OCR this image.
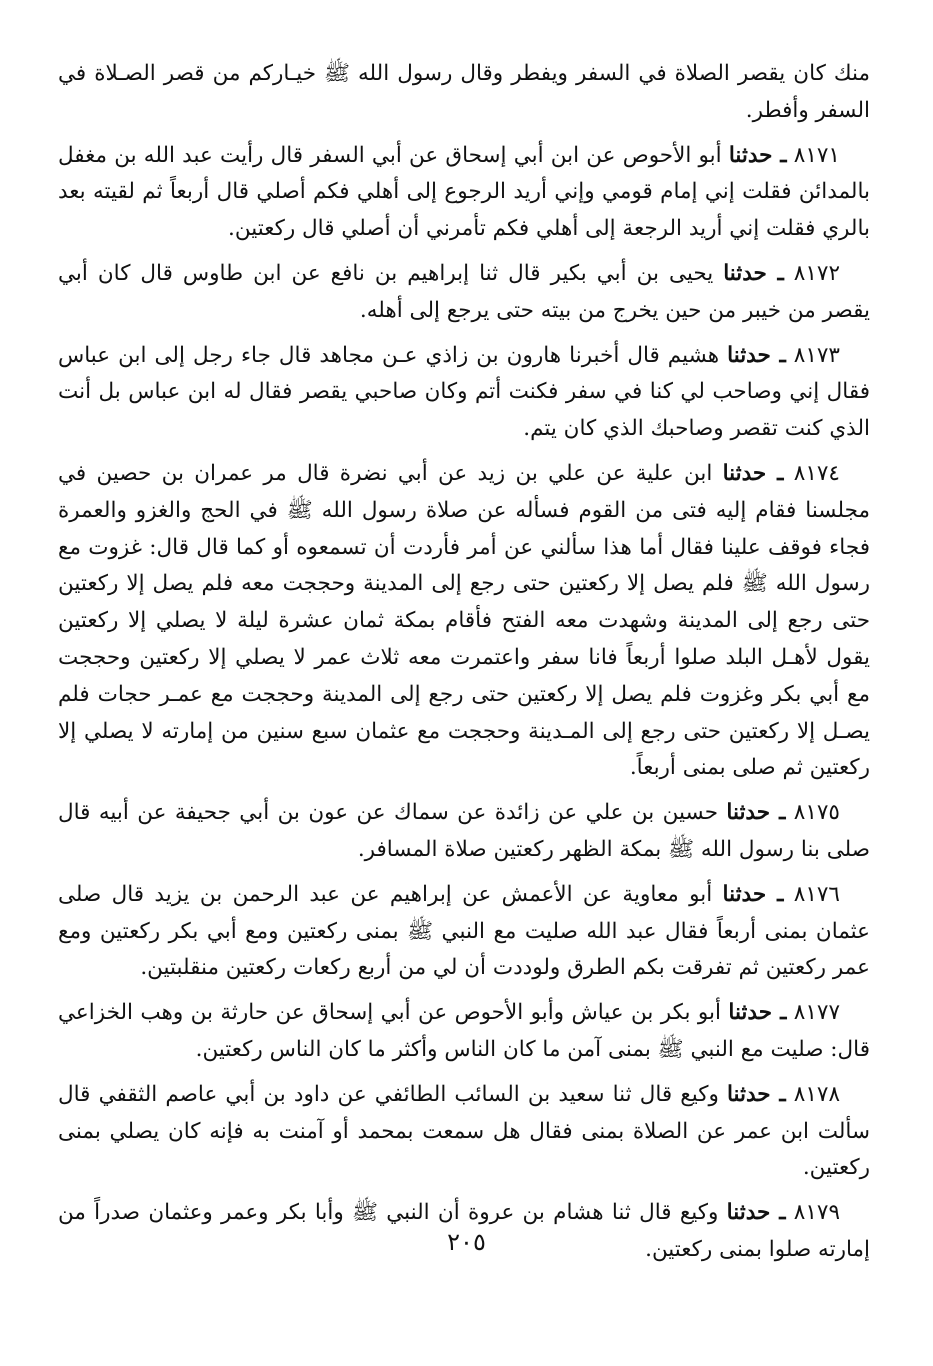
منك كان يقصر الصلاة في السفر ويفطر وقال رسول الله ﷺ خيـاركم من قصر الصـلاة في السفر وأفطر.

٨١٧١ ـ حدثنا أبو الأحوص عن ابن أبي إسحاق عن أبي السفر قال رأيت عبد الله بن مغفل بالمدائن فقلت إني إمام قومي وإني أريد الرجوع إلى أهلي فكم أصلي قال أربعاً ثم لقيته بعد بالري فقلت إني أريد الرجعة إلى أهلي فكم تأمرني أن أصلي قال ركعتين.

٨١٧٢ ـ حدثنا يحيى بن أبي بكير قال ثنا إبراهيم بن نافع عن ابن طاوس قال كان أبي يقصر من خيبر من حين يخرج من بيته حتى يرجع إلى أهله.

٨١٧٣ ـ حدثنا هشيم قال أخبرنا هارون بن زاذي عـن مجاهد قال جاء رجل إلى ابن عباس فقال إني وصاحب لي كنا في سفر فكنت أتم وكان صاحبي يقصر فقال له ابن عباس بل أنت الذي كنت تقصر وصاحبك الذي كان يتم.

٨١٧٤ ـ حدثنا ابن علية عن علي بن زيد عن أبي نضرة قال مر عمران بن حصين في مجلسنا فقام إليه فتى من القوم فسأله عن صلاة رسول الله ﷺ في الحج والغزو والعمرة فجاء فوقف علينا فقال أما هذا سألني عن أمر فأردت أن تسمعوه أو كما قال قال: غزوت مع رسول الله ﷺ فلم يصل إلا ركعتين حتى رجع إلى المدينة وحججت معه فلم يصل إلا ركعتين حتى رجع إلى المدينة وشهدت معه الفتح فأقام بمكة ثمان عشرة ليلة لا يصلي إلا ركعتين يقول لأهـل البلد صلوا أربعاً فانا سفر واعتمرت معه ثلاث عمر لا يصلي إلا ركعتين وحججت مع أبي بكر وغزوت فلم يصل إلا ركعتين حتى رجع إلى المدينة وحججت مع عمـر حجات فلم يصـل إلا ركعتين حتى رجع إلى المـدينة وحججت مع عثمان سبع سنين من إمارته لا يصلي إلا ركعتين ثم صلى بمنى أربعاً.

٨١٧٥ ـ حدثنا حسين بن علي عن زائدة عن سماك عن عون بن أبي جحيفة عن أبيه قال صلى بنا رسول الله ﷺ بمكة الظهر ركعتين صلاة المسافر.

٨١٧٦ ـ حدثنا أبو معاوية عن الأعمش عن إبراهيم عن عبد الرحمن بن يزيد قال صلى عثمان بمنى أربعاً فقال عبد الله صليت مع النبي ﷺ بمنى ركعتين ومع أبي بكر ركعتين ومع عمر ركعتين ثم تفرقت بكم الطرق ولوددت أن لي من أربع ركعات ركعتين منقلبتين.

٨١٧٧ ـ حدثنا أبو بكر بن عياش وأبو الأحوص عن أبي إسحاق عن حارثة بن وهب الخزاعي قال: صليت مع النبي ﷺ بمنى آمن ما كان الناس وأكثر ما كان الناس ركعتين.

٨١٧٨ ـ حدثنا وكيع قال ثنا سعيد بن السائب الطائفي عن داود بن أبي عاصم الثقفي قال سألت ابن عمر عن الصلاة بمنى فقال هل سمعت بمحمد أو آمنت به فإنه كان يصلي بمنى ركعتين.

٨١٧٩ ـ حدثنا وكيع قال ثنا هشام بن عروة أن النبي ﷺ وأبا بكر وعمر وعثمان صدراً من إمارته صلوا بمنى ركعتين.

٢٠٥
